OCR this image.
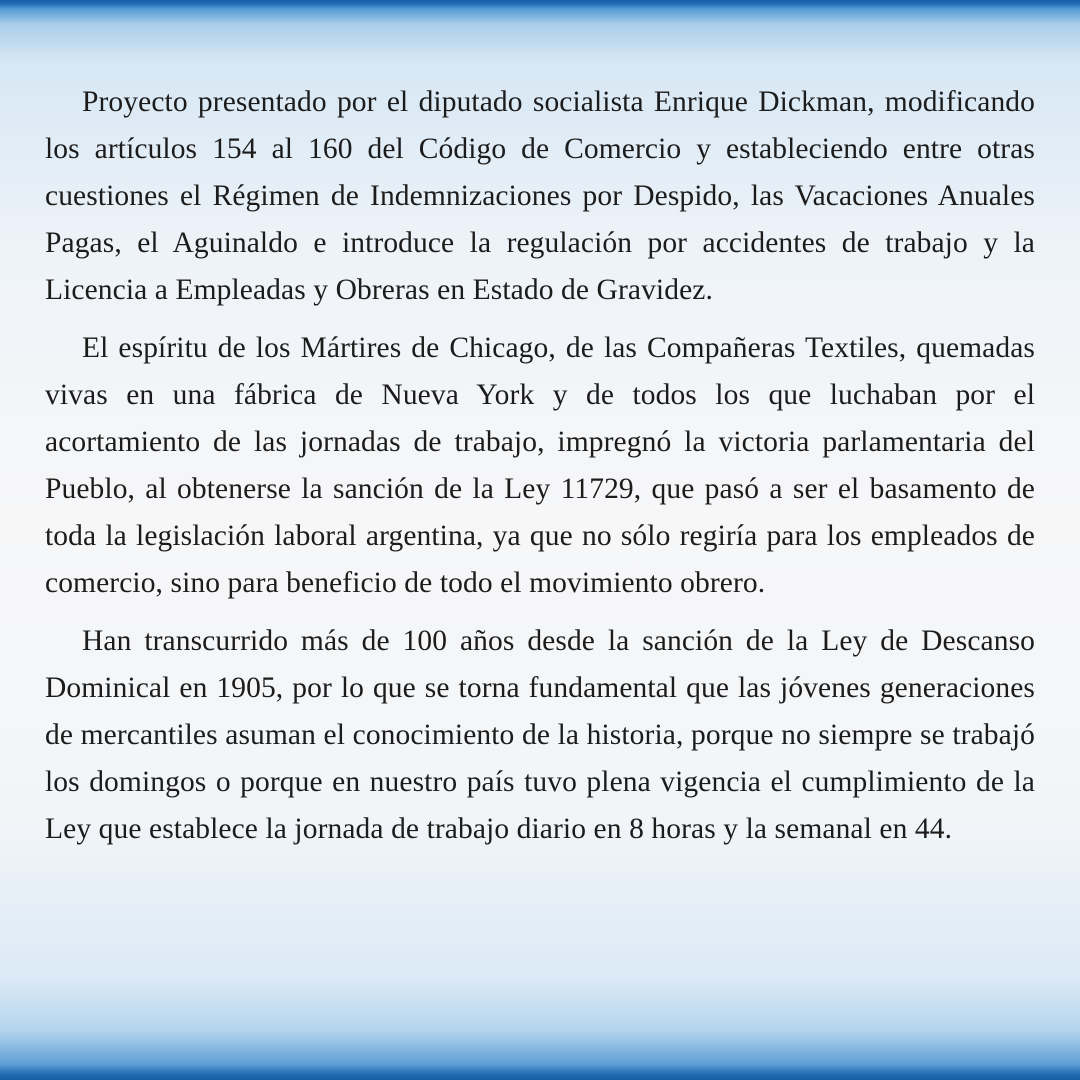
Proyecto presentado por el diputado socialista Enrique Dickman, modificando los artículos 154 al 160 del Código de Comercio y estableciendo entre otras cuestiones el Régimen de Indemnizaciones por Despido, las Vacaciones Anuales Pagas, el Aguinaldo e introduce la regulación por accidentes de trabajo y la Licencia a Empleadas y Obreras en Estado de Gravidez.

El espíritu de los Mártires de Chicago, de las Compañeras Textiles, quemadas vivas en una fábrica de Nueva York y de todos los que luchaban por el acortamiento de las jornadas de trabajo, impregnó la victoria parlamentaria del Pueblo, al obtenerse la sanción de la Ley 11729, que pasó a ser el basamento de toda la legislación laboral argentina, ya que no sólo regiría para los empleados de comercio, sino para beneficio de todo el movimiento obrero.

Han transcurrido más de 100 años desde la sanción de la Ley de Descanso Dominical en 1905, por lo que se torna fundamental que las jóvenes generaciones de mercantiles asuman el conocimiento de la historia, porque no siempre se trabajó los domingos o porque en nuestro país tuvo plena vigencia el cumplimiento de la Ley que establece la jornada de trabajo diario en 8 horas y la semanal en 44.
